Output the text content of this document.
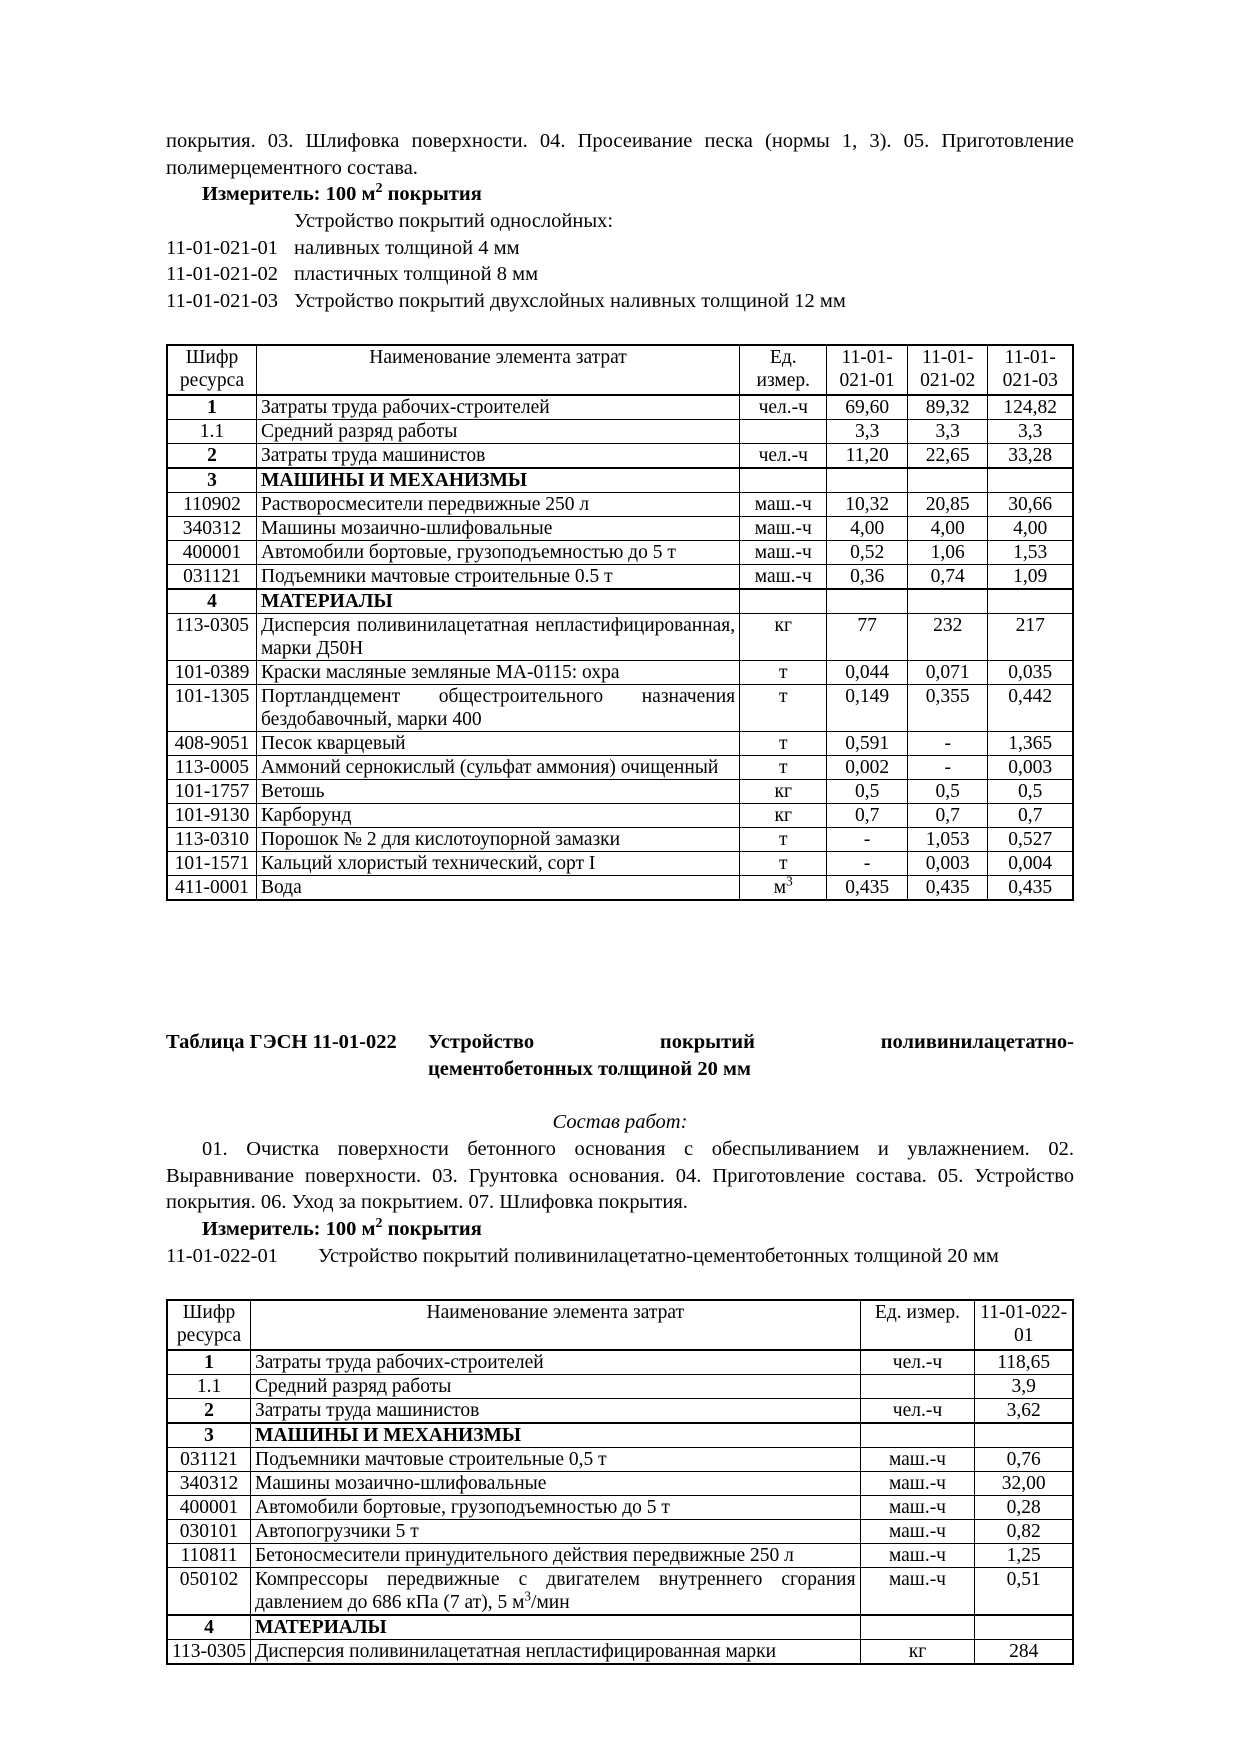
покрытия. 03. Шлифовка поверхности. 04. Просеивание песка (нормы 1, 3). 05. Приготовление полимерцементного состава.

Измеритель: 100 $м^2$ покрытия

Устройство покрытий однослойных:

11-01-021-01 наливных толщиной 4 мм
11-01-021-02 пластичных толщиной 8 мм
11-01-021-03 Устройство покрытий двухслойных наливных толщиной 12 мм
Шифр ресурса	Наименование элемента затрат	Ед. измер.	11-01-021-01	11-01-021-02	11-01-021-03
1	Затраты труда рабочих-строителей	чел.-ч	69,60	89,32	124,82
1.1	Средний разряд работы		3,3	3,3	3,3
2	Затраты труда машинистов	чел.-ч	11,20	22,65	33,28
3	МАШИНЫ И МЕХАНИЗМЫ				
110902	Растворосмесители передвижные 250 л	маш.-ч	10,32	20,85	30,66
340312	Машины мозаично-шлифовальные	маш.-ч	4,00	4,00	4,00
400001	Автомобили бортовые, грузоподъемностью до 5 т	маш.-ч	0,52	1,06	1,53
031121	Подъемники мачтовые строительные 0.5 т	маш.-ч	0,36	0,74	1,09
4	МАТЕРИАЛЫ				
113-0305	Дисперсия поливинилацетатная непластифицированная, марки Д50Н	кг	77	232	217
101-0389	Краски масляные земляные МА-0115: охра	т	0,044	0,071	0,035
101-1305	Портландцемент общестроительного назначения бездобавочный, марки 400	т	0,149	0,355	0,442
408-9051	Песок кварцевый	т	0,591	-	1,365
113-0005	Аммоний сернокислый (сульфат аммония) очищенный	т	0,002	-	0,003
101-1757	Ветошь	кг	0,5	0,5	0,5
101-9130	Карборунд	кг	0,7	0,7	0,7
113-0310	Порошок № 2 для кислотоупорной замазки	т	-	1,053	0,527
101-1571	Кальций хлористый технический, сорт I	т	-	0,003	0,004
411-0001	Вода	$м^3$	0,435	0,435	0,435
Таблица ГЭСН 11-01-022	Устройство покрытий поливинилацетатно-
цементобетонных толщиной 20 мм

Состав работ:

01. Очистка поверхности бетонного основания с обеспыливанием и увлажнением. 02. Выравнивание поверхности. 03. Грунтовка основания. 04. Приготовление состава. 05. Устройство покрытия. 06. Уход за покрытием. 07. Шлифовка покрытия.

Измеритель: 100 $м^2$ покрытия

11-01-022-01	Устройство покрытий поливинилацетатно-цементобетонных толщиной 20 мм
Шифр ресурса	Наименование элемента затрат	Ед. измер.	11-01-022-01
1	Затраты труда рабочих-строителей	чел.-ч	118,65
1.1	Средний разряд работы		3,9
2	Затраты труда машинистов	чел.-ч	3,62
3	МАШИНЫ И МЕХАНИЗМЫ		
031121	Подъемники мачтовые строительные 0,5 т	маш.-ч	0,76
340312	Машины мозаично-шлифовальные	маш.-ч	32,00
400001	Автомобили бортовые, грузоподъемностью до 5 т	маш.-ч	0,28
030101	Автопогрузчики 5 т	маш.-ч	0,82
110811	Бетоносмесители принудительного действия передвижные 250 л	маш.-ч	1,25
050102	Компрессоры передвижные с двигателем внутреннего сгорания давлением до 686 кПа (7 ат), 5 $м^3$/мин	маш.-ч	0,51
4	МАТЕРИАЛЫ		
113-0305	Дисперсия поливинилацетатная непластифицированная марки	кг	284
